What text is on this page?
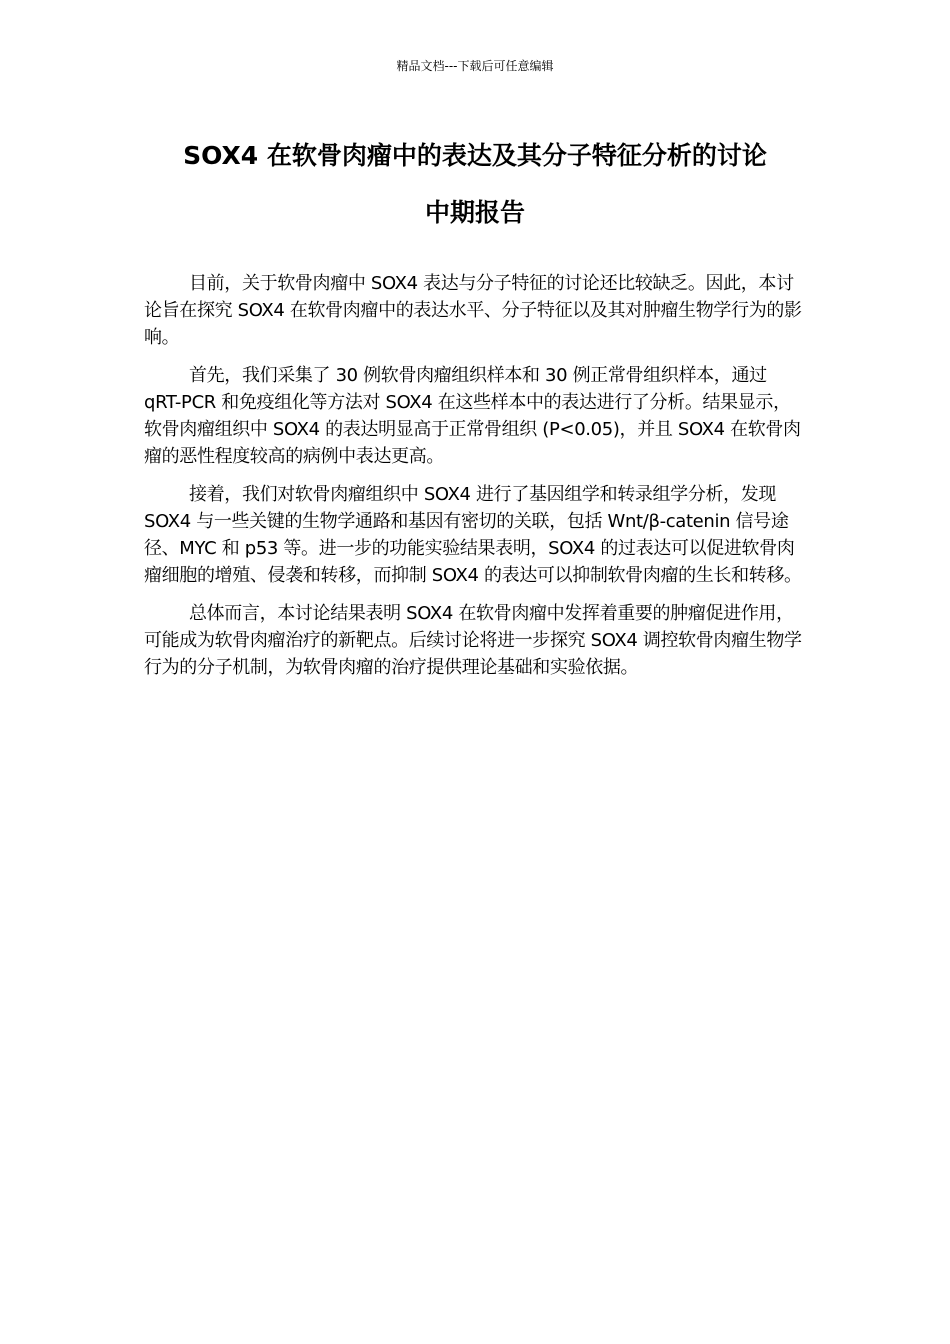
精品文档---下载后可任意编辑
SOX4 在软骨肉瘤中的表达及其分子特征分析的讨论
中期报告

目前，关于软骨肉瘤中 SOX4 表达与分子特征的讨论还比较缺乏。因此，本讨论旨在探究 SOX4 在软骨肉瘤中的表达水平、分子特征以及其对肿瘤生物学行为的影响。

首先，我们采集了 30 例软骨肉瘤组织样本和 30 例正常骨组织样本，通过 qRT-PCR 和免疫组化等方法对 SOX4 在这些样本中的表达进行了分析。结果显示，软骨肉瘤组织中 SOX4 的表达明显高于正常骨组织 (P<0.05)，并且 SOX4 在软骨肉瘤的恶性程度较高的病例中表达更高。

接着，我们对软骨肉瘤组织中 SOX4 进行了基因组学和转录组学分析，发现 SOX4 与一些关键的生物学通路和基因有密切的关联，包括 Wnt/β-catenin 信号途径、MYC 和 p53 等。进一步的功能实验结果表明，SOX4 的过表达可以促进软骨肉瘤细胞的增殖、侵袭和转移，而抑制 SOX4 的表达可以抑制软骨肉瘤的生长和转移。

总体而言，本讨论结果表明 SOX4 在软骨肉瘤中发挥着重要的肿瘤促进作用，可能成为软骨肉瘤治疗的新靶点。后续讨论将进一步探究 SOX4 调控软骨肉瘤生物学行为的分子机制，为软骨肉瘤的治疗提供理论基础和实验依据。
